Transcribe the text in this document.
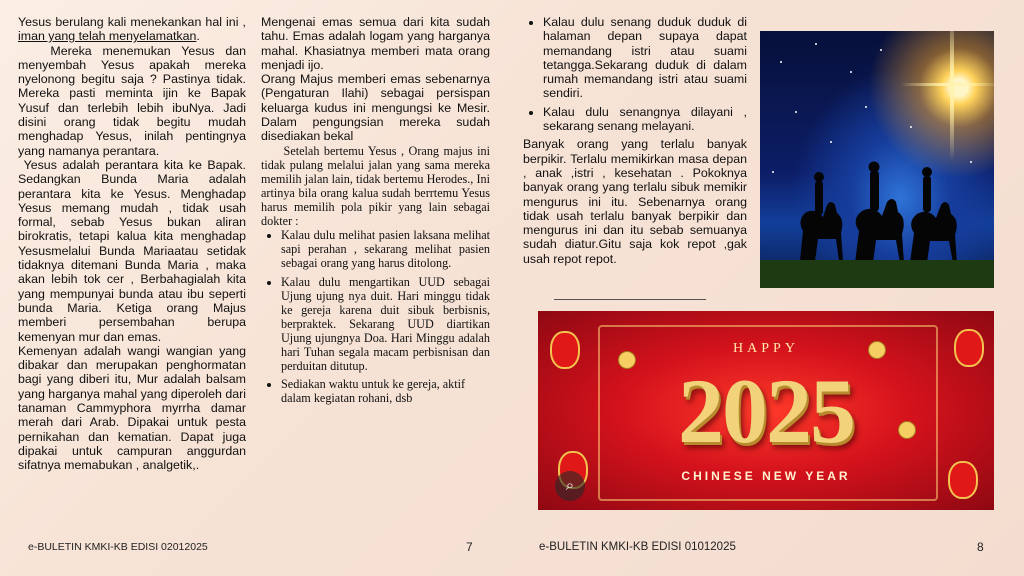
Yesus berulang kali menekankan hal ini , iman yang telah menyelamatkan.

Mereka menemukan Yesus dan menyembah Yesus apakah mereka nyelonong begitu saja ? Pastinya tidak. Mereka pasti meminta ijin ke Bapak Yusuf dan terlebih lebih ibuNya. Jadi disini orang tidak begitu mudah menghadap Yesus, inilah pentingnya yang namanya perantara.

Yesus adalah perantara kita ke Bapak. Sedangkan Bunda Maria adalah perantara kita ke Yesus. Menghadap Yesus memang mudah , tidak usah formal, sebab Yesus bukan aliran birokratis, tetapi kalua kita menghadap Yesusmelalui Bunda Mariaatau setidak tidaknya ditemani Bunda Maria , maka akan lebih tok cer , Berbahagialah kita yang mempunyai bunda atau ibu seperti bunda Maria. Ketiga orang Majus memberi persembahan berupa kemenyan mur dan emas.

Kemenyan adalah wangi wangian yang dibakar dan merupakan penghormatan bagi yang diberi itu, Mur adalah balsam yang harganya mahal yang diperoleh dari tanaman Cammyphora myrrha damar merah dari Arab. Dipakai untuk pesta pernikahan dan kematian. Dapat juga dipakai untuk campuran anggurdan sifatnya memabukan , analgetik,.

Mengenai emas semua dari kita sudah tahu. Emas adalah logam yang harganya mahal. Khasiatnya memberi mata orang menjadi ijo.

Orang Majus memberi emas sebenarnya (Pengaturan Ilahi) sebagai persispan keluarga kudus ini mengungsi ke Mesir. Dalam pengungsian mereka sudah disediakan bekal

Setelah bertemu Yesus , Orang majus ini tidak pulang melalui jalan yang sama mereka memilih jalan lain, tidak bertemu Herodes., Ini artinya bila orang kalua sudah berrtemu Yesus harus memilih pola pikir yang lain sebagai dokter :

• Kalau dulu melihat pasien laksana melihat sapi perahan , sekarang melihat pasien sebagai orang yang harus ditolong.
• Kalau dulu mengartikan UUD sebagai Ujung ujung nya duit. Hari minggu tidak ke gereja karena duit sibuk berbisnis, berpraktek. Sekarang UUD diartikan Ujung ujungnya Doa. Hari Minggu adalah hari Tuhan segala macam perbisnisan dan perduitan ditutup.
• Sediakan waktu untuk ke gereja, aktif dalam kegiatan rohani, dsb
• Kalau dulu senang duduk duduk di halaman depan supaya dapat memandang istri atau suami tetangga.Sekarang duduk di dalam rumah memandang istri atau suami sendiri.
• Kalau dulu senangnya dilayani , sekarang senang melayani.

Banyak orang yang terlalu banyak berpikir. Terlalu memikirkan masa depan , anak ,istri , kesehatan . Pokoknya banyak orang yang terlalu sibuk memikir mengurus ini itu. Sebenarnya orang tidak usah terlalu banyak berpikir dan mengurus ini dan itu sebab semuanya sudah diatur.Gitu saja kok repot ,gak usah repot repot.

HAPPY
2025
CHINESE NEW YEAR
⌕
e-BULETIN KMKI-KB EDISI 02012025	7	e-BULETIN KMKI-KB EDISI 01012025	8
